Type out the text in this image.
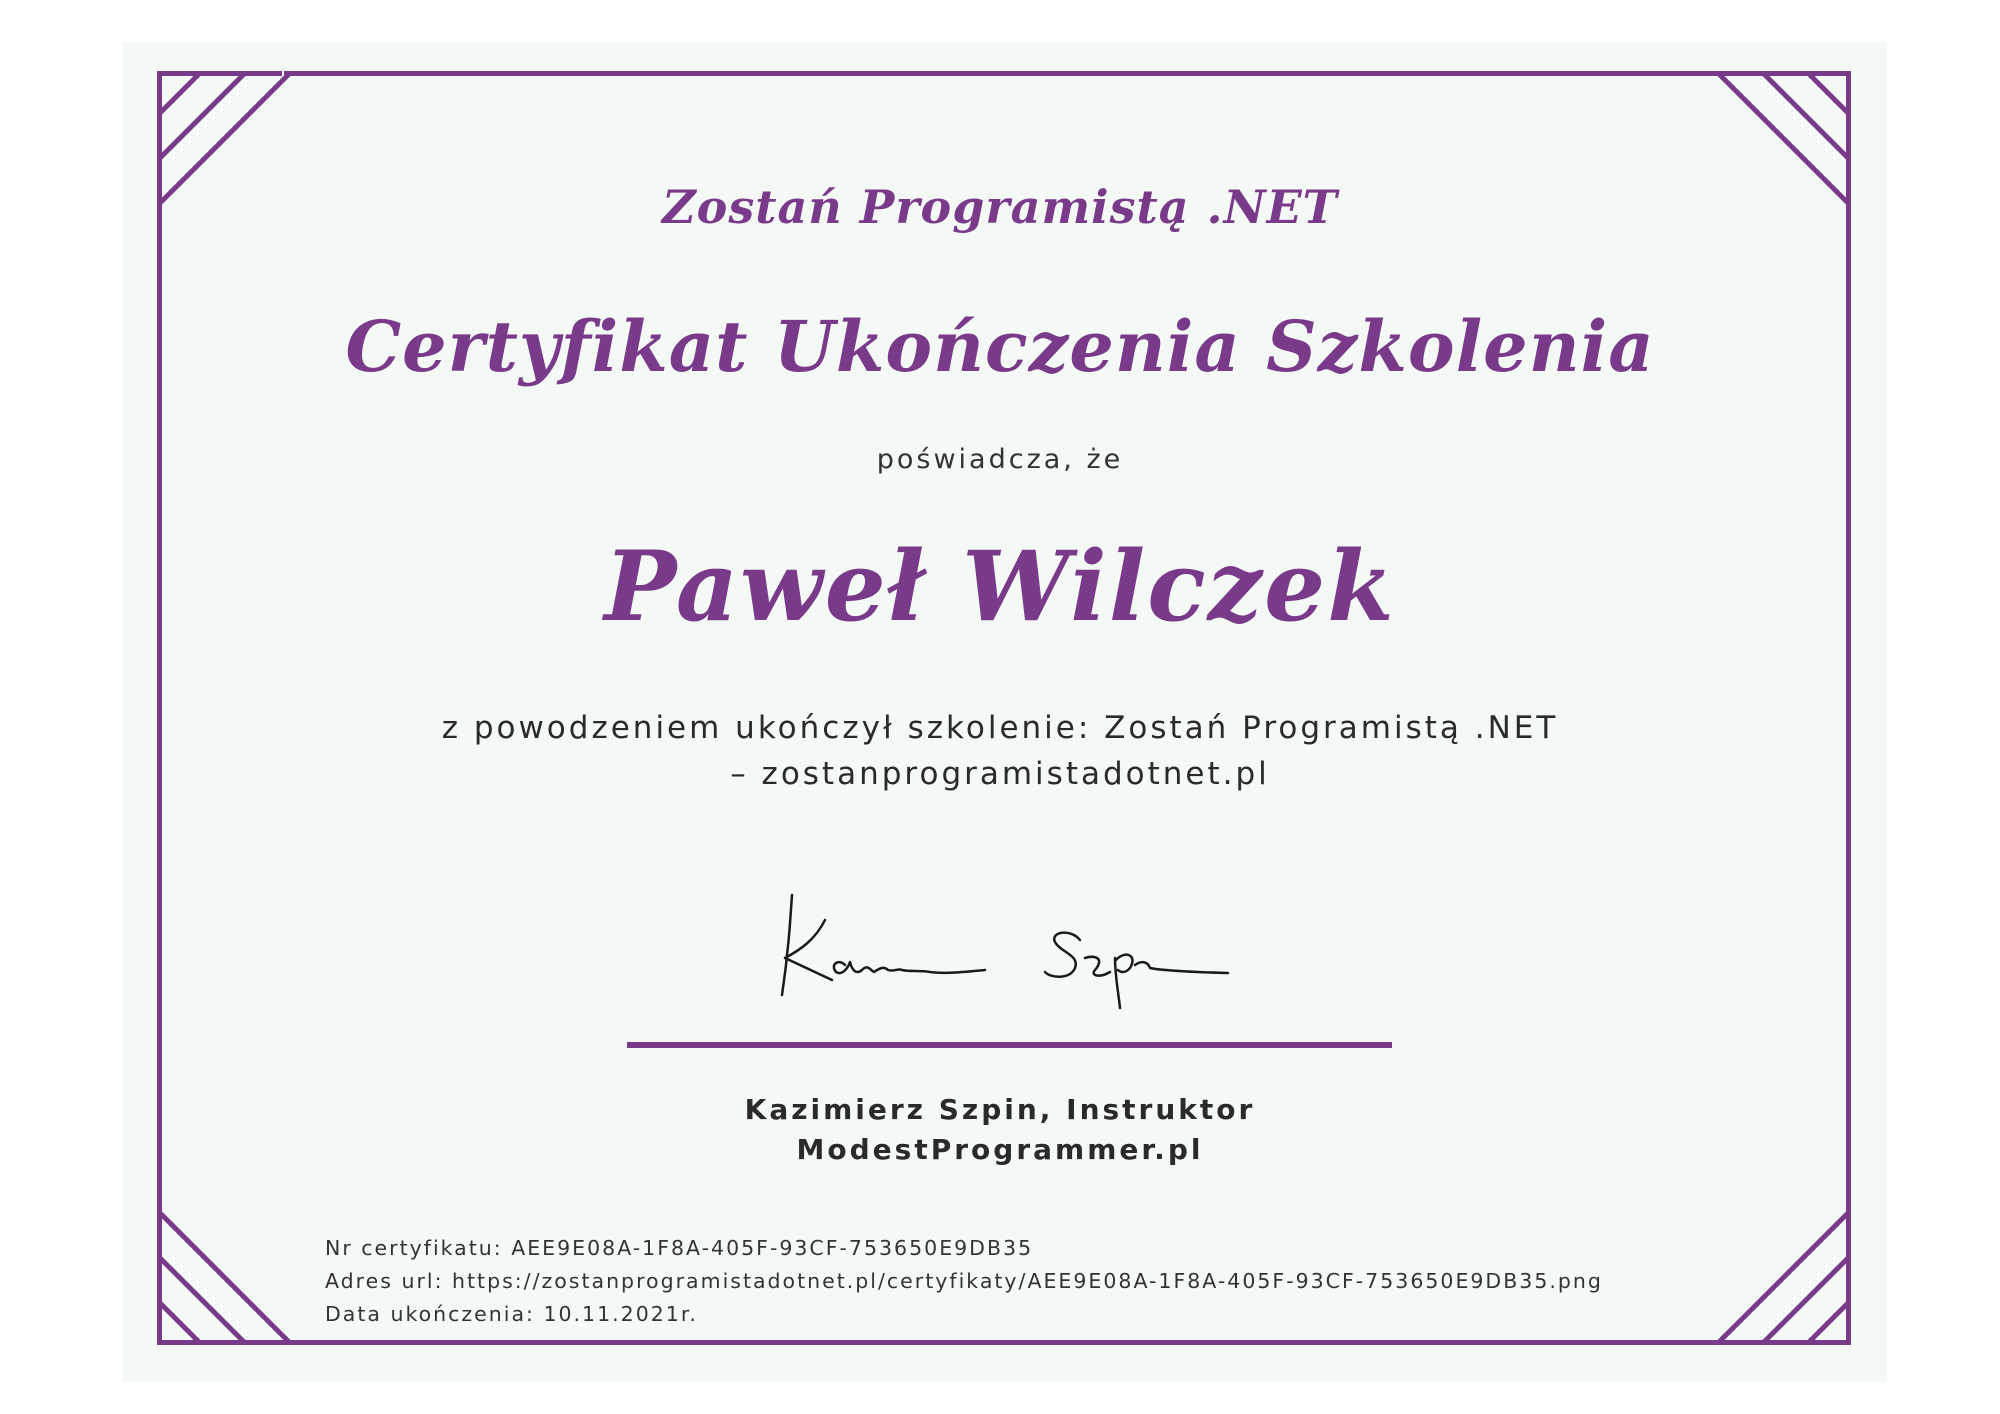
Zostań Programistą .NET
Certyfikat Ukończenia Szkolenia
poświadcza, że
Paweł Wilczek
z powodzeniem ukończył szkolenie: Zostań Programistą .NET
– zostanprogramistadotnet.pl
Kazimierz Szpin, Instruktor
ModestProgrammer.pl
Nr certyfikatu: AEE9E08A-1F8A-405F-93CF-753650E9DB35
Adres url: https://zostanprogramistadotnet.pl/certyfikaty/AEE9E08A-1F8A-405F-93CF-753650E9DB35.png
Data ukończenia: 10.11.2021r.
